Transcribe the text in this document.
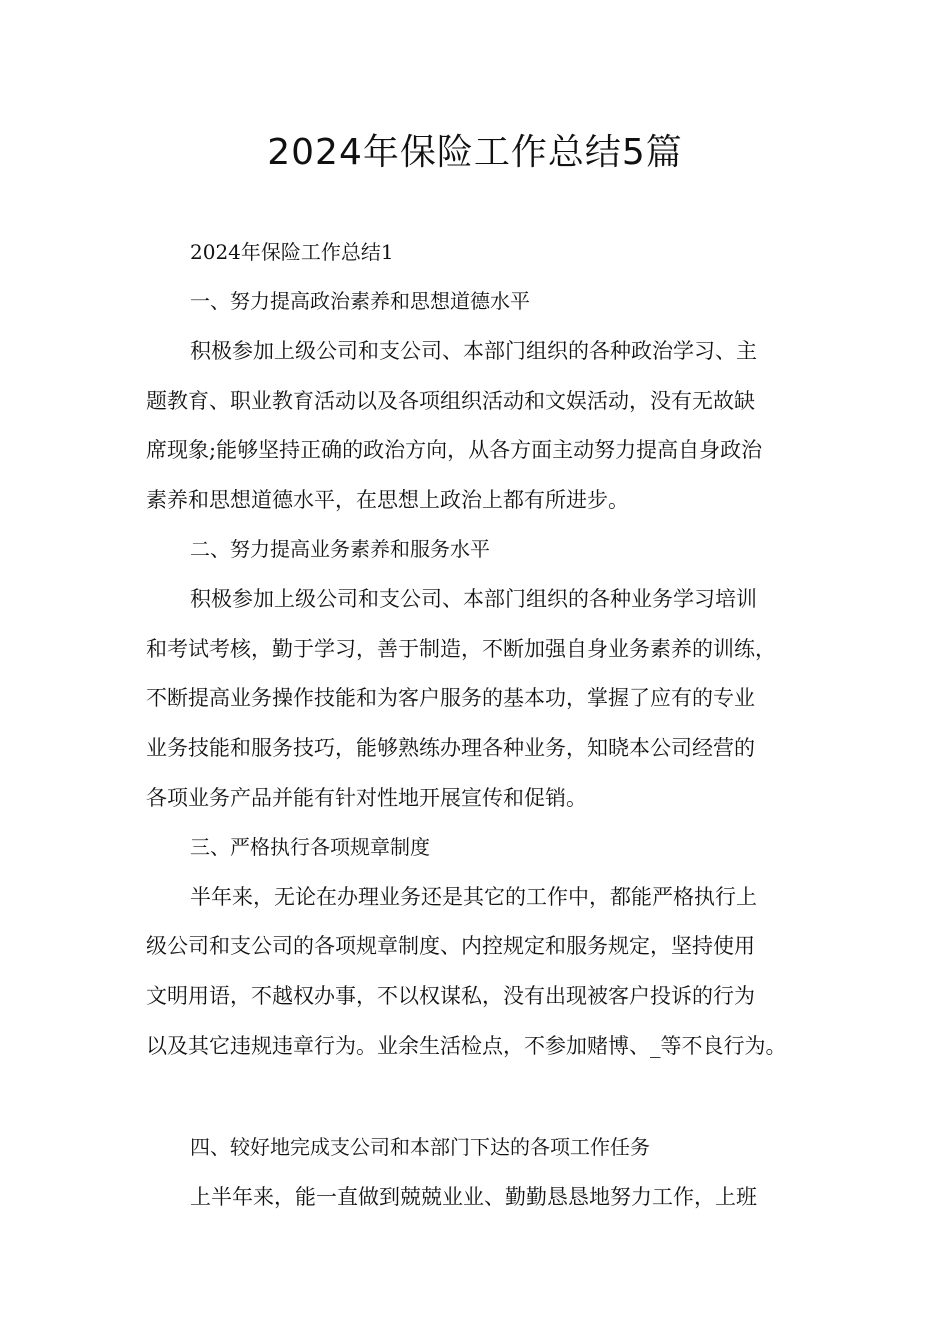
2024年保险工作总结5篇
2024年保险工作总结1
一、努力提高政治素养和思想道德水平
积极参加上级公司和支公司、本部门组织的各种政治学习、主
题教育、职业教育活动以及各项组织活动和文娱活动，没有无故缺
席现象;能够坚持正确的政治方向，从各方面主动努力提高自身政治
素养和思想道德水平，在思想上政治上都有所进步。
二、努力提高业务素养和服务水平
积极参加上级公司和支公司、本部门组织的各种业务学习培训
和考试考核，勤于学习，善于制造，不断加强自身业务素养的训练，
不断提高业务操作技能和为客户服务的基本功，掌握了应有的专业
业务技能和服务技巧，能够熟练办理各种业务，知晓本公司经营的
各项业务产品并能有针对性地开展宣传和促销。
三、严格执行各项规章制度
半年来，无论在办理业务还是其它的工作中，都能严格执行上
级公司和支公司的各项规章制度、内控规定和服务规定，坚持使用
文明用语，不越权办事，不以权谋私，没有出现被客户投诉的行为
以及其它违规违章行为。业余生活检点，不参加赌博、_等不良行为。
四、较好地完成支公司和本部门下达的各项工作任务
上半年来，能一直做到兢兢业业、勤勤恳恳地努力工作，上班
